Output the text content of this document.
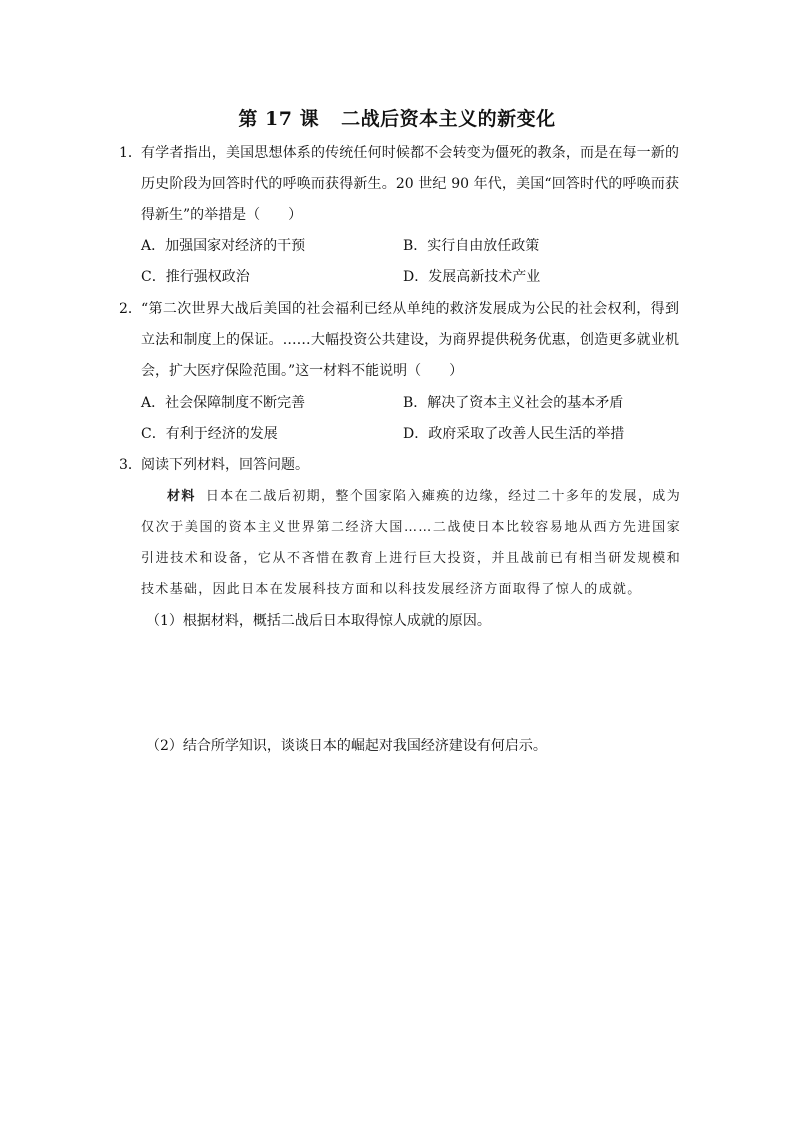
第 17 课 二战后资本主义的新变化
1． 有学者指出，美国思想体系的传统任何时候都不会转变为僵死的教条，而是在每一新的历史阶段为回答时代的呼唤而获得新生。20 世纪 90 年代，美国“回答时代的呼唤而获得新生”的举措是（　　）
A．加强国家对经济的干预	B．实行自由放任政策
C．推行强权政治	D．发展高新技术产业
2． “第二次世界大战后美国的社会福利已经从单纯的救济发展成为公民的社会权利，得到立法和制度上的保证。……大幅投资公共建设，为商界提供税务优惠，创造更多就业机会，扩大医疗保险范围。”这一材料不能说明（　　）
A．社会保障制度不断完善	B．解决了资本主义社会的基本矛盾
C．有利于经济的发展	D．政府采取了改善人民生活的举措
3． 阅读下列材料，回答问题。
材料 日本在二战后初期，整个国家陷入瘫痪的边缘，经过二十多年的发展，成为仅次于美国的资本主义世界第二经济大国……二战使日本比较容易地从西方先进国家引进技术和设备，它从不吝惜在教育上进行巨大投资，并且战前已有相当研发规模和技术基础，因此日本在发展科技方面和以科技发展经济方面取得了惊人的成就。
（1）根据材料，概括二战后日本取得惊人成就的原因。
（2）结合所学知识，谈谈日本的崛起对我国经济建设有何启示。
